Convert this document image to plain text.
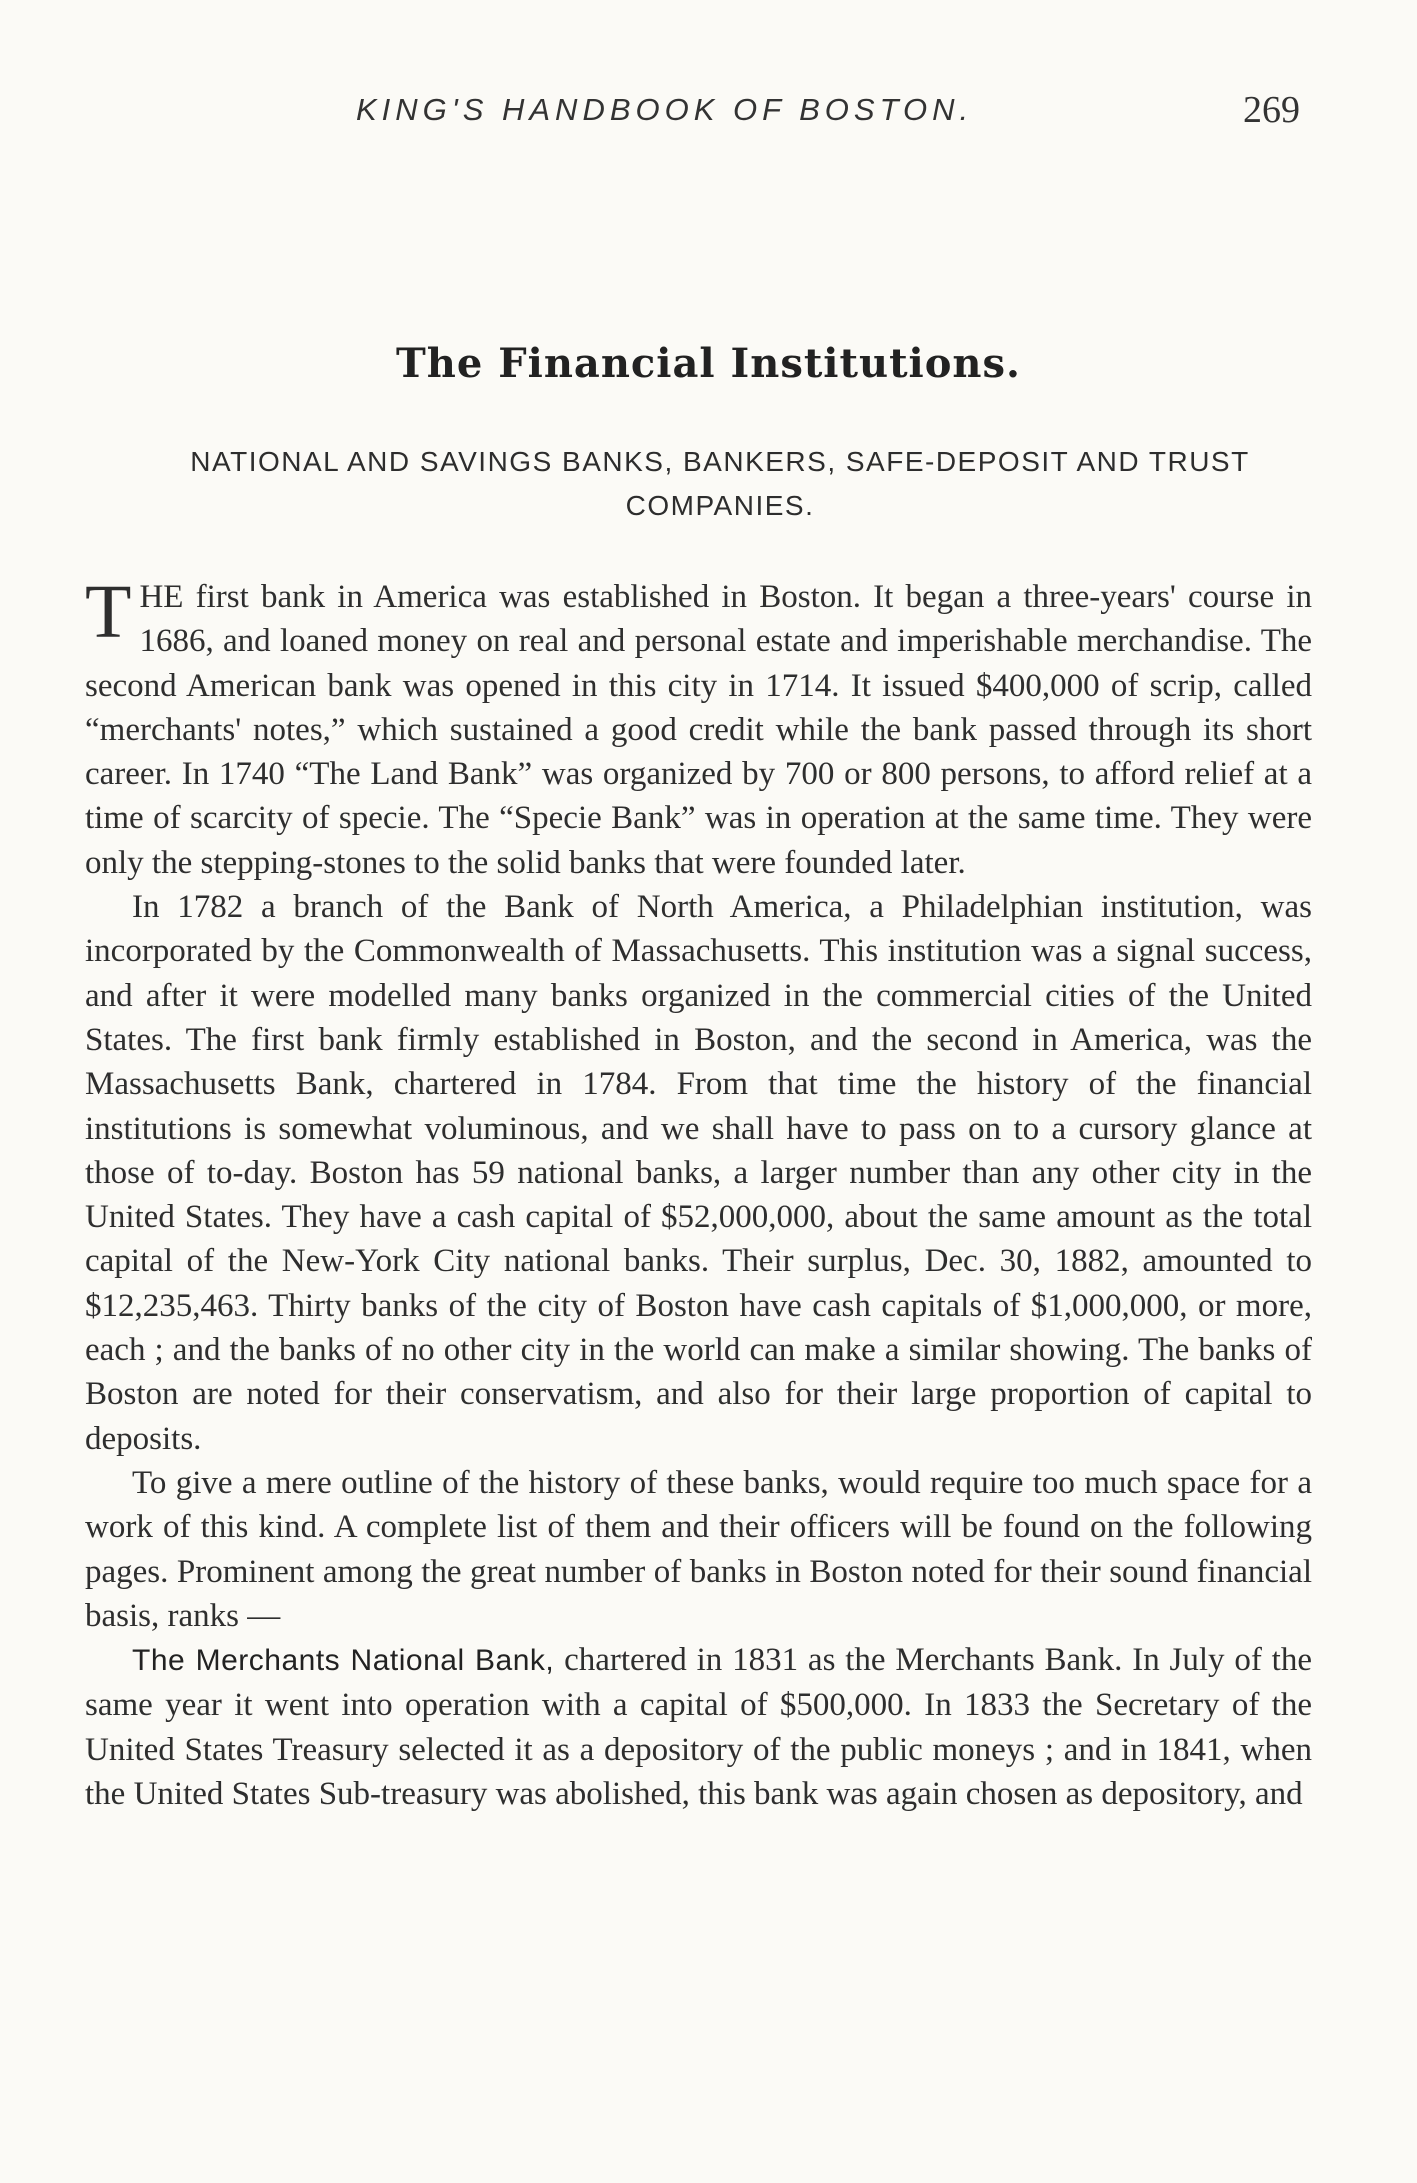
KING'S HANDBOOK OF BOSTON.	269
The Financial Institutions.
NATIONAL AND SAVINGS BANKS, BANKERS, SAFE-DEPOSIT AND TRUST COMPANIES.

THE first bank in America was established in Boston. It began a three-years' course in 1686, and loaned money on real and personal estate and imperishable merchandise. The second American bank was opened in this city in 1714. It issued $400,000 of scrip, called “merchants' notes,” which sustained a good credit while the bank passed through its short career. In 1740 “The Land Bank” was organized by 700 or 800 persons, to afford relief at a time of scarcity of specie. The “Specie Bank” was in operation at the same time. They were only the stepping-stones to the solid banks that were founded later.

In 1782 a branch of the Bank of North America, a Philadelphian institution, was incorporated by the Commonwealth of Massachusetts. This institution was a signal success, and after it were modelled many banks organized in the commercial cities of the United States. The first bank firmly established in Boston, and the second in America, was the Massachusetts Bank, chartered in 1784. From that time the history of the financial institutions is somewhat voluminous, and we shall have to pass on to a cursory glance at those of to-day. Boston has 59 national banks, a larger number than any other city in the United States. They have a cash capital of $52,000,000, about the same amount as the total capital of the New-York City national banks. Their surplus, Dec. 30, 1882, amounted to $12,235,463. Thirty banks of the city of Boston have cash capitals of $1,000,000, or more, each ; and the banks of no other city in the world can make a similar showing. The banks of Boston are noted for their conservatism, and also for their large proportion of capital to deposits.

To give a mere outline of the history of these banks, would require too much space for a work of this kind. A complete list of them and their officers will be found on the following pages. Prominent among the great number of banks in Boston noted for their sound financial basis, ranks —

The Merchants National Bank, chartered in 1831 as the Merchants Bank. In July of the same year it went into operation with a capital of $500,000. In 1833 the Secretary of the United States Treasury selected it as a depository of the public moneys ; and in 1841, when the United States Sub-treasury was abolished, this bank was again chosen as depository, and
